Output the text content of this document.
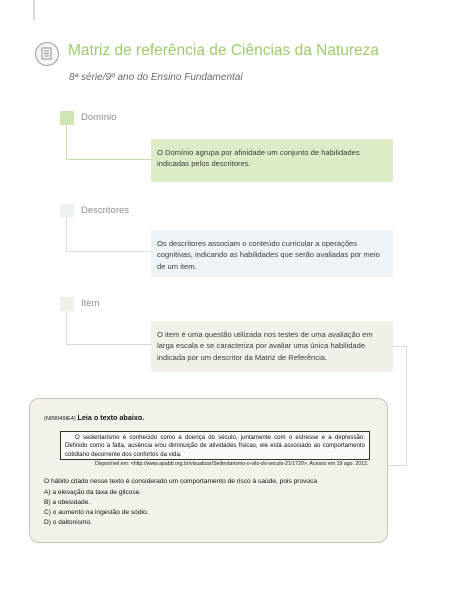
Matriz de referência de Ciências da Natureza
8ª série/9º ano do Ensino Fundamental
Domínio
O Domínio agrupa por afinidade um conjunto de habilidades indicadas pelos descritores.
Descritores
Os descritores associam o conteúdo curricular a operações cognitivas, indicando as habilidades que serão avaliadas por meio de um item.
Item
O item é uma questão utilizada nos testes de uma avaliação em larga escala e se caracteriza por avaliar uma única habilidade indicada por um descritor da Matriz de Referência.
(N09049IE4) Leia o texto abaixo.
O sedentarismo é conhecido como a doença do século, juntamente com o estresse e a depressão. Definido como a falta, ausência e/ou diminuição de atividades físicas, ele está associado ao comportamento cotidiano decorrente dos confortos da vida.
Disponível em: <http://www.apabb.org.br/visualizar/Sedentarismo-o-vilo-do-seculo-21/1720>. Acesso em 19 ago. 2012.
O hábito citado nesse texto é considerado um comportamento de risco à saúde, pois provoca
A) a elevação da taxa de glicose.
B) a obesidade.
C) o aumento na ingestão de sódio.
D) o daltonismo.
